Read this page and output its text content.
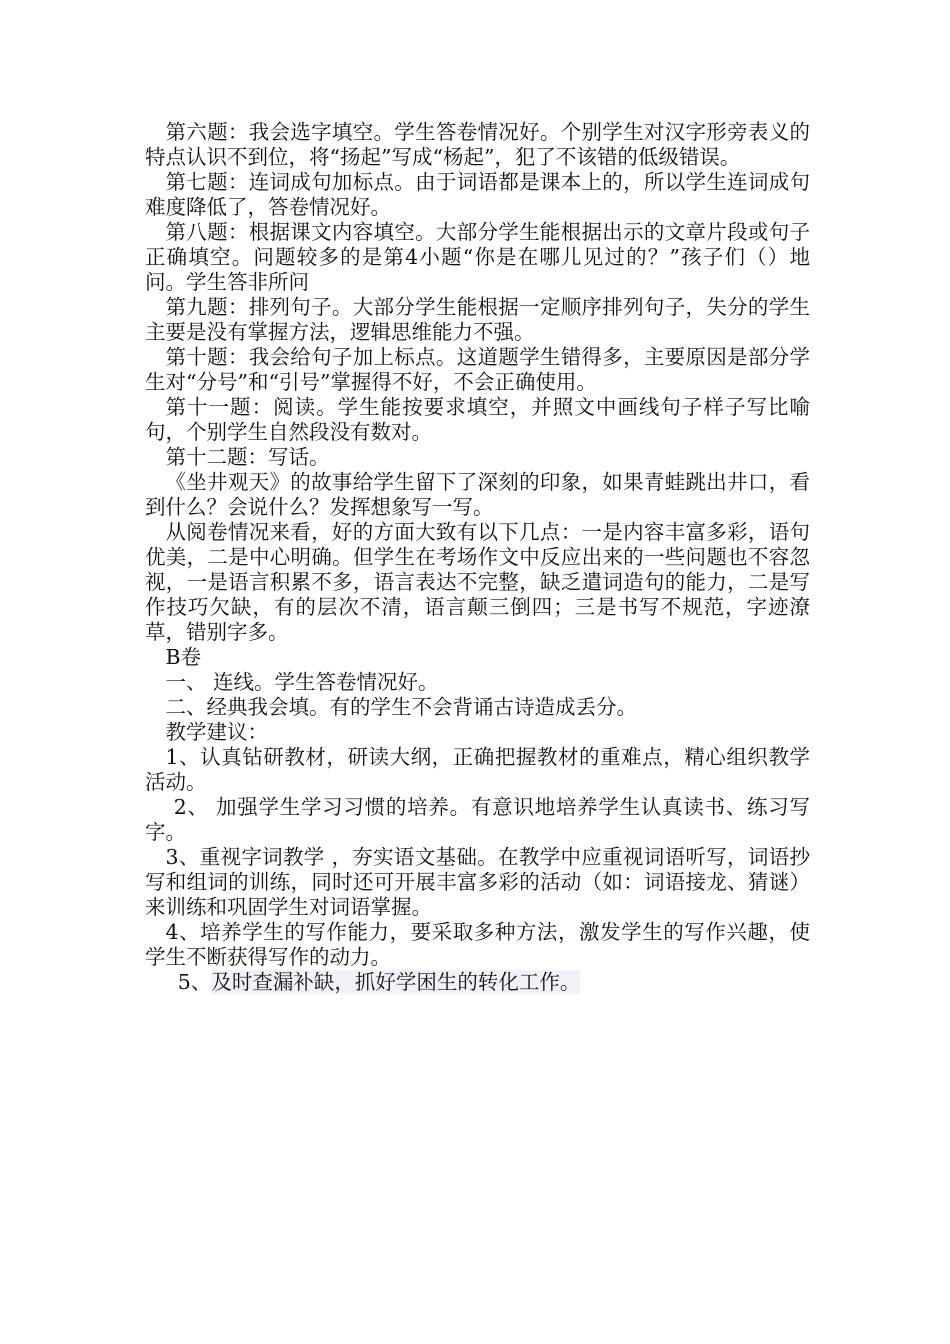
第六题：我会选字填空。学生答卷情况好。个别学生对汉字形旁表义的特点认识不到位，将“扬起”写成“杨起”，犯了不该错的低级错误。

第七题：连词成句加标点。由于词语都是课本上的，所以学生连词成句难度降低了，答卷情况好。

第八题：根据课文内容填空。大部分学生能根据出示的文章片段或句子正确填空。问题较多的是第4小题“你是在哪儿见过的？”孩子们（）地问。学生答非所问

第九题：排列句子。大部分学生能根据一定顺序排列句子，失分的学生主要是没有掌握方法，逻辑思维能力不强。

第十题：我会给句子加上标点。这道题学生错得多，主要原因是部分学生对“分号”和“引号”掌握得不好，不会正确使用。

第十一题：阅读。学生能按要求填空，并照文中画线句子样子写比喻句，个别学生自然段没有数对。

第十二题：写话。

《坐井观天》的故事给学生留下了深刻的印象，如果青蛙跳出井口，看到什么？会说什么？发挥想象写一写。

从阅卷情况来看，好的方面大致有以下几点：一是内容丰富多彩，语句优美，二是中心明确。但学生在考场作文中反应出来的一些问题也不容忽视，一是语言积累不多，语言表达不完整，缺乏遣词造句的能力，二是写作技巧欠缺，有的层次不清，语言颠三倒四；三是书写不规范，字迹潦草，错别字多。

B卷

一、 连线。学生答卷情况好。

二、经典我会填。有的学生不会背诵古诗造成丢分。

教学建议：

1、认真钻研教材，研读大纲，正确把握教材的重难点，精心组织教学活动。

2、 加强学生学习习惯的培养。有意识地培养学生认真读书、练习写字。

3、重视字词教学 ，夯实语文基础。在教学中应重视词语听写，词语抄写和组词的训练，同时还可开展丰富多彩的活动（如：词语接龙、猜谜）来训练和巩固学生对词语掌握。

4、培养学生的写作能力，要采取多种方法，激发学生的写作兴趣，使学生不断获得写作的动力。

5、及时查漏补缺，抓好学困生的转化工作。
